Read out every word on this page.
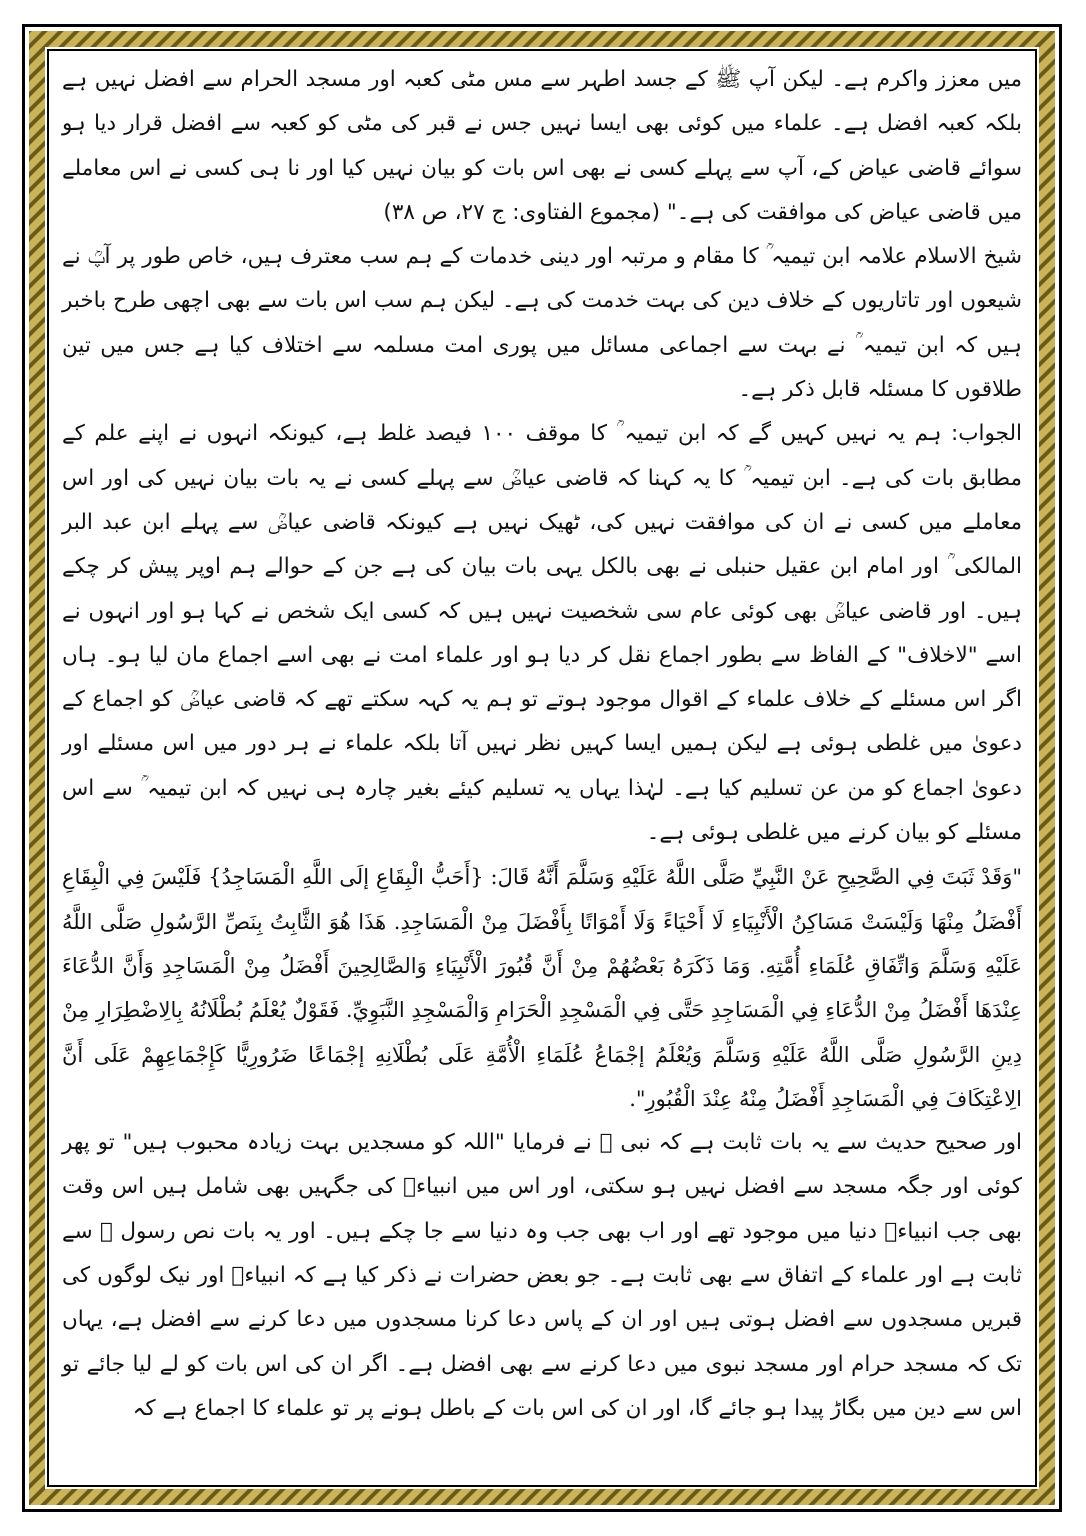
میں معزز واکرم ہے۔ لیکن آپ ﷺ کے جسد اطہر سے مس مٹی کعبہ اور مسجد الحرام سے افضل نہیں ہے بلکہ کعبہ افضل ہے۔ علماء میں کوئی بھی ایسا نہیں جس نے قبر کی مٹی کو کعبہ سے افضل قرار دیا ہو سوائے قاضی عیاض کے، آپ سے پہلے کسی نے بھی اس بات کو بیان نہیں کیا اور نا ہی کسی نے اس معاملے میں قاضی عیاض کی موافقت کی ہے۔" (مجموع الفتاوی: ج ۲۷، ص ۳۸)

شیخ الاسلام علامہ ابن تیمیہ ؒ کا مقام و مرتبہ اور دینی خدمات کے ہم سب معترف ہیں، خاص طور پر آپؒ نے شیعوں اور تاتاریوں کے خلاف دین کی بہت خدمت کی ہے۔ لیکن ہم سب اس بات سے بھی اچھی طرح باخبر ہیں کہ ابن تیمیہ ؒ نے بہت سے اجماعی مسائل میں پوری امت مسلمہ سے اختلاف کیا ہے جس میں تین طلاقوں کا مسئلہ قابل ذکر ہے۔

الجواب: ہم یہ نہیں کہیں گے کہ ابن تیمیہ ؒ کا موقف ۱۰۰ فیصد غلط ہے، کیونکہ انہوں نے اپنے علم کے مطابق بات کی ہے۔ ابن تیمیہ ؒ کا یہ کہنا کہ قاضی عیاضؒ سے پہلے کسی نے یہ بات بیان نہیں کی اور اس معاملے میں کسی نے ان کی موافقت نہیں کی، ٹھیک نہیں ہے کیونکہ قاضی عیاضؒ سے پہلے ابن عبد البر المالکی ؒ اور امام ابن عقیل حنبلی نے بھی بالکل یہی بات بیان کی ہے جن کے حوالے ہم اوپر پیش کر چکے ہیں۔ اور قاضی عیاضؒ بھی کوئی عام سی شخصیت نہیں ہیں کہ کسی ایک شخص نے کہا ہو اور انہوں نے اسے "لاخلاف" کے الفاظ سے بطور اجماع نقل کر دیا ہو اور علماء امت نے بھی اسے اجماع مان لیا ہو۔ ہاں اگر اس مسئلے کے خلاف علماء کے اقوال موجود ہوتے تو ہم یہ کہہ سکتے تھے کہ قاضی عیاضؒ کو اجماع کے دعویٰ میں غلطی ہوئی ہے لیکن ہمیں ایسا کہیں نظر نہیں آتا بلکہ علماء نے ہر دور میں اس مسئلے اور دعویٰ اجماع کو من عن تسلیم کیا ہے۔ لہٰذا یہاں یہ تسلیم کیئے بغیر چارہ ہی نہیں کہ ابن تیمیہ ؒ سے اس مسئلے کو بیان کرنے میں غلطی ہوئی ہے۔

"وَقَدْ ثَبَتَ فِي الصَّحِيحِ عَنْ النَّبِيِّ صَلَّى اللَّهُ عَلَيْهِ وَسَلَّمَ أَنَّهُ قَالَ: {أَحَبُّ الْبِقَاعِ إلَى اللَّهِ الْمَسَاجِدُ} فَلَيْسَ فِي الْبِقَاعِ أَفْضَلُ مِنْهَا وَلَيْسَتْ مَسَاكِنُ الْأَنْبِيَاءِ لَا أَحْيَاءً وَلَا أَمْوَاتًا بِأَفْضَلَ مِنْ الْمَسَاجِدِ. هَذَا هُوَ الثَّابِتُ بِنَصِّ الرَّسُولِ صَلَّى اللَّهُ عَلَيْهِ وَسَلَّمَ وَاتِّفَاقِ عُلَمَاءِ أُمَّتِهِ. وَمَا ذَكَرَهُ بَعْضُهُمْ مِنْ أَنَّ قُبُورَ الْأَنْبِيَاءِ وَالصَّالِحِينَ أَفْضَلُ مِنْ الْمَسَاجِدِ وَأَنَّ الدُّعَاءَ عِنْدَهَا أَفْضَلُ مِنْ الدُّعَاءِ فِي الْمَسَاجِدِ حَتَّى فِي الْمَسْجِدِ الْحَرَامِ وَالْمَسْجِدِ النَّبَوِيِّ. فَقَوْلٌ يُعْلَمُ بُطْلَانُهُ بِالِاضْطِرَارِ مِنْ دِينِ الرَّسُولِ صَلَّى اللَّهُ عَلَيْهِ وَسَلَّمَ وَيُعْلَمُ إجْمَاعُ عُلَمَاءِ الْأُمَّةِ عَلَى بُطْلَانِهِ إجْمَاعًا ضَرُورِيًّا كَإِجْمَاعِهِمْ عَلَى أَنَّ الِاعْتِكَافَ فِي الْمَسَاجِدِ أَفْضَلُ مِنْهُ عِنْدَ الْقُبُورِ".

اور صحیح حدیث سے یہ بات ثابت ہے کہ نبی ﷺ نے فرمایا "اللہ کو مسجدیں بہت زیادہ محبوب ہیں" تو پھر کوئی اور جگہ مسجد سے افضل نہیں ہو سکتی، اور اس میں انبیاءؑ کی جگہیں بھی شامل ہیں اس وقت بھی جب انبیاءؑ دنیا میں موجود تھے اور اب بھی جب وہ دنیا سے جا چکے ہیں۔ اور یہ بات نص رسول ﷺ سے ثابت ہے اور علماء کے اتفاق سے بھی ثابت ہے۔ جو بعض حضرات نے ذکر کیا ہے کہ انبیاءؑ اور نیک لوگوں کی قبریں مسجدوں سے افضل ہوتی ہیں اور ان کے پاس دعا کرنا مسجدوں میں دعا کرنے سے افضل ہے، یہاں تک کہ مسجد حرام اور مسجد نبوی میں دعا کرنے سے بھی افضل ہے۔ اگر ان کی اس بات کو لے لیا جائے تو اس سے دین میں بگاڑ پیدا ہو جائے گا، اور ان کی اس بات کے باطل ہونے پر تو علماء کا اجماع ہے کہ
